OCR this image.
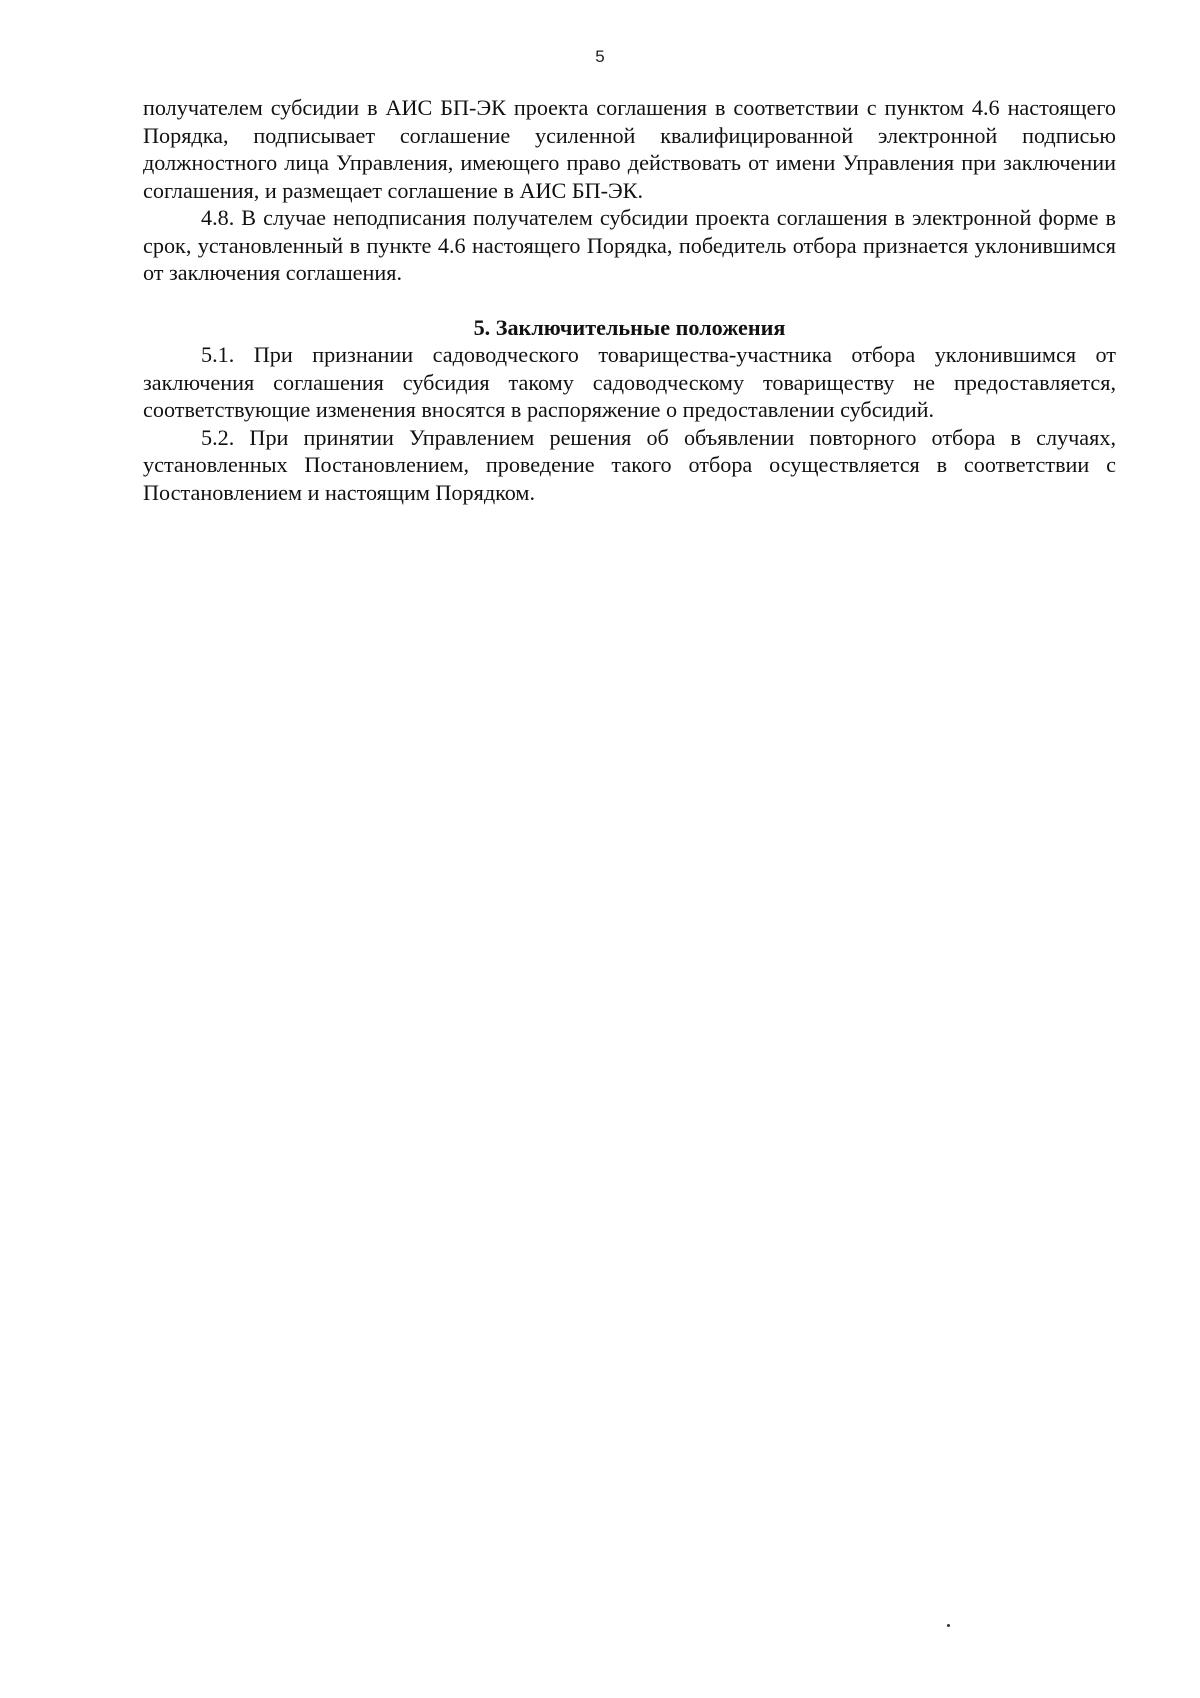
5

получателем субсидии в АИС БП-ЭК проекта соглашения в соответствии с пунктом 4.6 настоящего Порядка, подписывает соглашение усиленной квалифицированной электронной подписью должностного лица Управления, имеющего право действовать от имени Управления при заключении соглашения, и размещает соглашение в АИС БП-ЭК.

4.8. В случае неподписания получателем субсидии проекта соглашения в электронной форме в срок, установленный в пункте 4.6 настоящего Порядка, победитель отбора признается уклонившимся от заключения соглашения.

5. Заключительные положения

5.1. При признании садоводческого товарищества-участника отбора уклонившимся от заключения соглашения субсидия такому садоводческому товариществу не предоставляется, соответствующие изменения вносятся в распоряжение о предоставлении субсидий.

5.2. При принятии Управлением решения об объявлении повторного отбора в случаях, установленных Постановлением, проведение такого отбора осуществляется в соответствии с Постановлением и настоящим Порядком.
